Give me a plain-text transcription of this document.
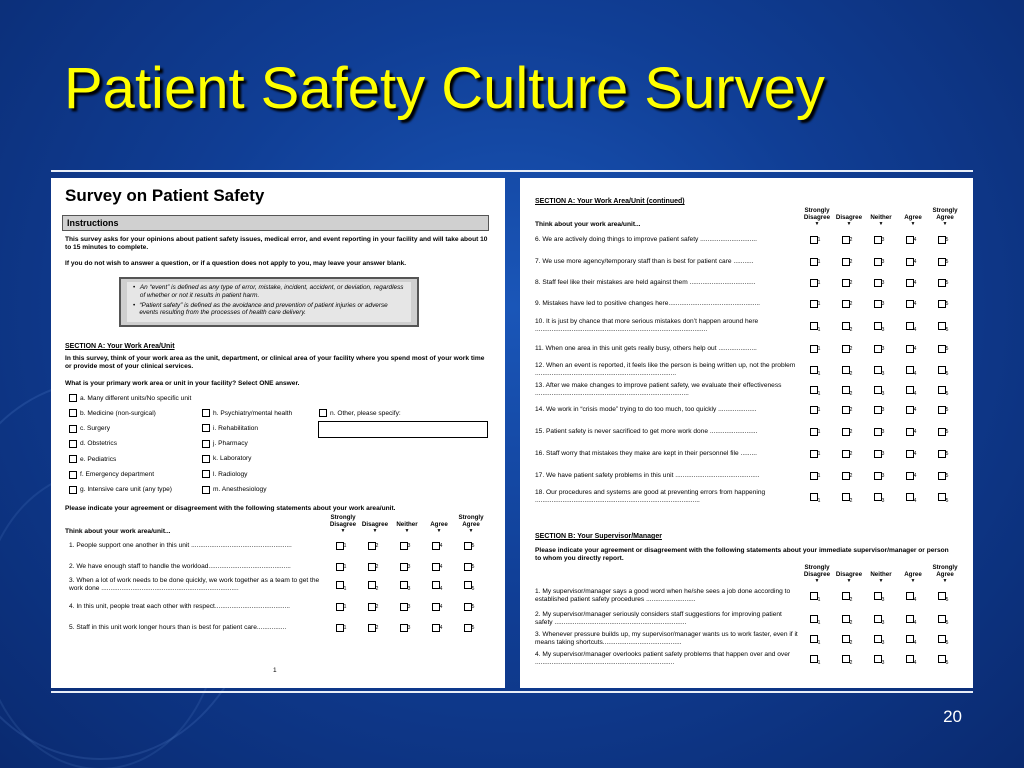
Patient Safety Culture Survey
Survey on Patient Safety
Instructions
This survey asks for your opinions about patient safety issues, medical error, and event reporting in your facility and will take about 10 to 15 minutes to complete.
If you do not wish to answer a question, or if a question does not apply to you, may leave your answer blank.
• An “event” is defined as any type of error, mistake, incident, accident, or deviation, regardless of whether or not it results in patient harm.
• “Patient safety” is defined as the avoidance and prevention of patient injuries or adverse events resulting from the processes of health care delivery.
SECTION A: Your Work Area/Unit
In this survey, think of your work area as the unit, department, or clinical area of your facility where you spend most of your work time or provide most of your clinical services.
What is your primary work area or unit in your facility? Select ONE answer.
a. Many different units/No specific unit
b. Medicine (non-surgical)
c. Surgery
d. Obstetrics
e. Pediatrics
f. Emergency department
g. Intensive care unit (any type)
h. Psychiatry/mental health
i. Rehabilitation
j. Pharmacy
k. Laboratory
l. Radiology
m. Anesthesiology
n. Other, please specify:
Please indicate your agreement or disagreement with the following statements about your work area/unit.
Think about your work area/unit...
Strongly Disagree
▼
Disagree
▼
Neither
▼
Agree
▼
Strongly Agree
▼
1. People support one another in this unit .......................................................	1	2	3	4	5
2. We have enough staff to handle the workload.............................................	1	2	3	4	5
3. When a lot of work needs to be done quickly, we work together as a team to get the work done ...........................................................................	1	2	3	4	5
4. In this unit, people treat each other with respect.........................................	1	2	3	4	5
5. Staff in this unit work longer hours than is best for patient care................	1	2	3	4	5
1
SECTION A: Your Work Area/Unit (continued)
Strongly Disagree
▼
Disagree
▼
Neither
▼
Agree
▼
Strongly Agree
▼
Think about your work area/unit...
6. We are actively doing things to improve patient safety ...............................	1	2	3	4	5
7. We use more agency/temporary staff than is best for patient care ...........	1	2	3	4	5
8. Staff feel like their mistakes are held against them ....................................	1	2	3	4	5
9. Mistakes have led to positive changes here..................................................	1	2	3	4	5
10. It is just by chance that more serious mistakes don’t happen around here ..............................................................................................	1	2	3	4	5
11. When one area in this unit gets really busy, others help out .....................	1	2	3	4	5
12. When an event is reported, it feels like the person is being written up, not the problem .............................................................................	1	2	3	4	5
13. After we make changes to improve patient safety, we evaluate their effectiveness ....................................................................................	1	2	3	4	5
14. We work in “crisis mode” trying to do too much, too quickly .....................	1	2	3	4	5
15. Patient safety is never sacrificed to get more work done ..........................	1	2	3	4	5
16. Staff worry that mistakes they make are kept in their personnel file .........	1	2	3	4	5
17. We have patient safety problems in this unit ..............................................	1	2	3	4	5
18. Our procedures and systems are good at preventing errors from happening ..........................................................................................	1	2	3	4	5
SECTION B: Your Supervisor/Manager
Please indicate your agreement or disagreement with the following statements about your immediate supervisor/manager or person to whom you directly report.
Strongly Disagree
▼
Disagree
▼
Neither
▼
Agree
▼
Strongly Agree
▼
1. My supervisor/manager says a good word when he/she sees a job done according to established patient safety procedures ...........................	1	2	3	4	5
2. My supervisor/manager seriously considers staff suggestions for improving patient safety ........................................................................	1	2	3	4	5
3. Whenever pressure builds up, my supervisor/manager wants us to work faster, even if it means taking shortcuts...........................................	1	2	3	4	5
4. My supervisor/manager overlooks patient safety problems that happen over and over ............................................................................	1	2	3	4	5
20
